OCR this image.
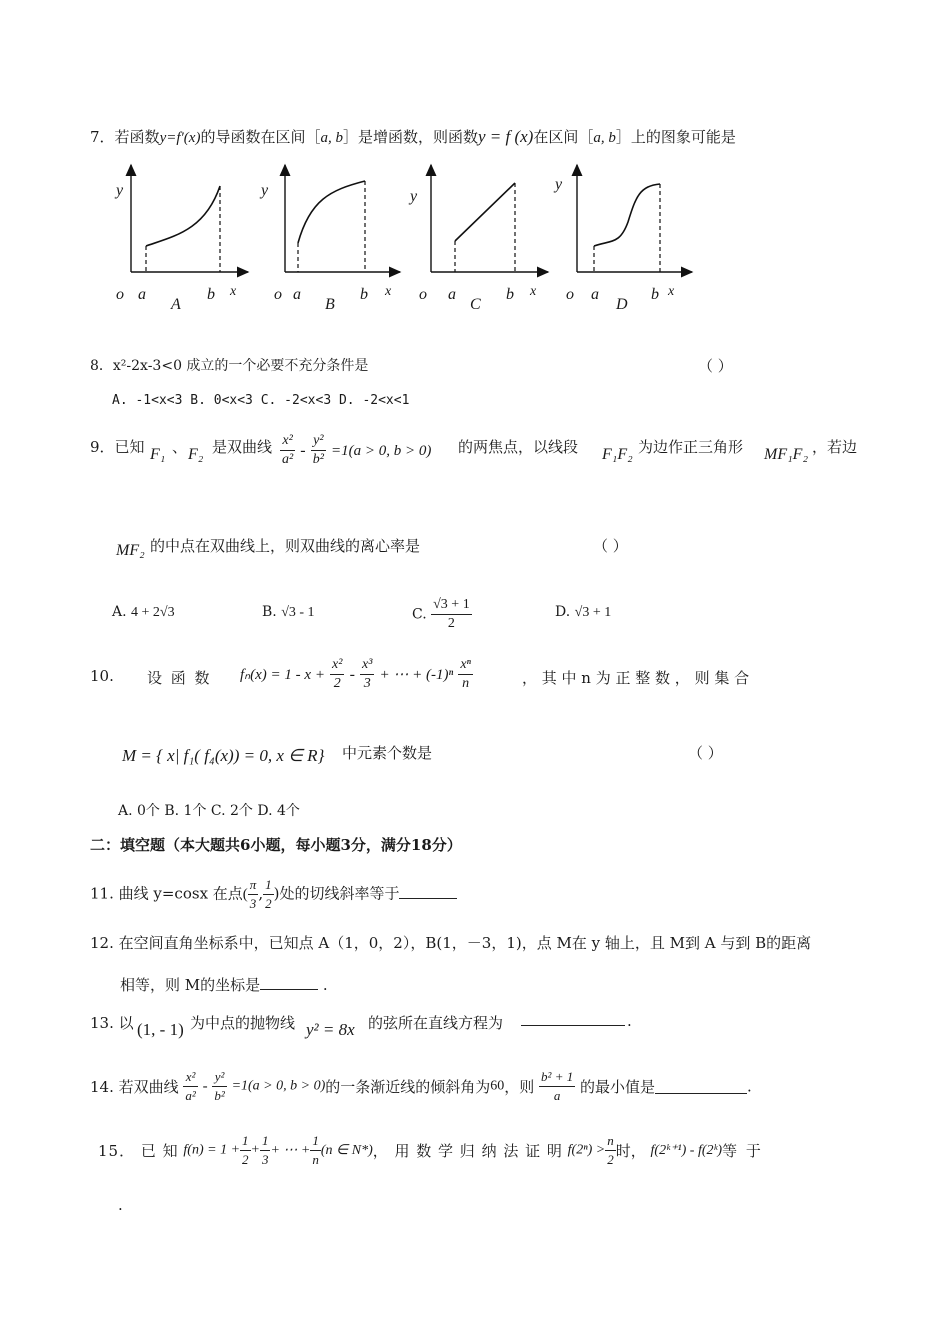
7．若函数y=f′(x)的导函数在区间［a, b］是增函数，则函数y = f (x)在区间［a, b］上的图象可能是
y
o a	b x
A
y
o a	b x
B
y
o a	b x
C
y
o a	b x
D
8．x²-2x-3<0 成立的一个必要不充分条件是	（ ）
A. -1<x<3 B. 0<x<3 C. -2<x<3 D. -2<x<1
9．已知 F₁ 、 F₂ 是双曲线 $\frac{\text{x²}}{\text{a²}} - \frac{\text{y²}}{\text{b²}} =1(a > 0$, b > 0) 的两焦点，以线段 F₁F₂ 为边作正三角形 MF₁F₂ ，若边
MF₂ 的中点在双曲线上，则双曲线的离心率是	（ ）
A. 4 + 2√3	B. √3 - 1	C. $\frac{√3 + 1}{2}$	D. √3 + 1
10. 设 函 数 $f_n(x) = 1 - x + \frac{\text{x²}}{2} - \frac{\text{x³}}{3}$ + ⋯ + $(-1)^n \frac{\text{xⁿ}}{n}$	， 其 中 n 为 正 整 数 ， 则 集 合
M = { x| f₁( f₄(x)) = 0, x ∈ R} 中元素个数是	（ ）
A. 0个 B. 1个 C. 2个 D. 4个
二：填空题（本大题共6小题，每小题3分，满分18分）
11. 曲线 y=cosx 在点( $\frac{\pi}{3}$ , $\frac{1}{2}$ )处的切线斜率等于
12. 在空间直角坐标系中，已知点 A（1，0，2），B(1，－3，1)，点 M在 y 轴上，且 M到 A 与到 B的距离
相等，则 M的坐标是	.
13. 以 (1, - 1) 为中点的抛物线 y² = 8x 的弦所在直线方程为	.
14. 若双曲线 $\frac{\text{x²}}{\text{a²}} - \frac{\text{y²}}{\text{b²}} =1(a > 0$, b > 0)的一条渐近线的倾斜角为60，则 $\frac{\text{b² + 1}}{a}$ 的最小值是	.
15． 已 知 $f(n) = 1 + \frac{1}{2} + \frac{1}{3}$ + ⋯ + $\frac{1}{n} (n$ ∈ N*)， 用 数 学 归 纳 法 证 明 $f(2^n) > \frac{n}{2}$ 时， f(2ᵏ⁺¹) - f(2ᵏ)等 于
.
